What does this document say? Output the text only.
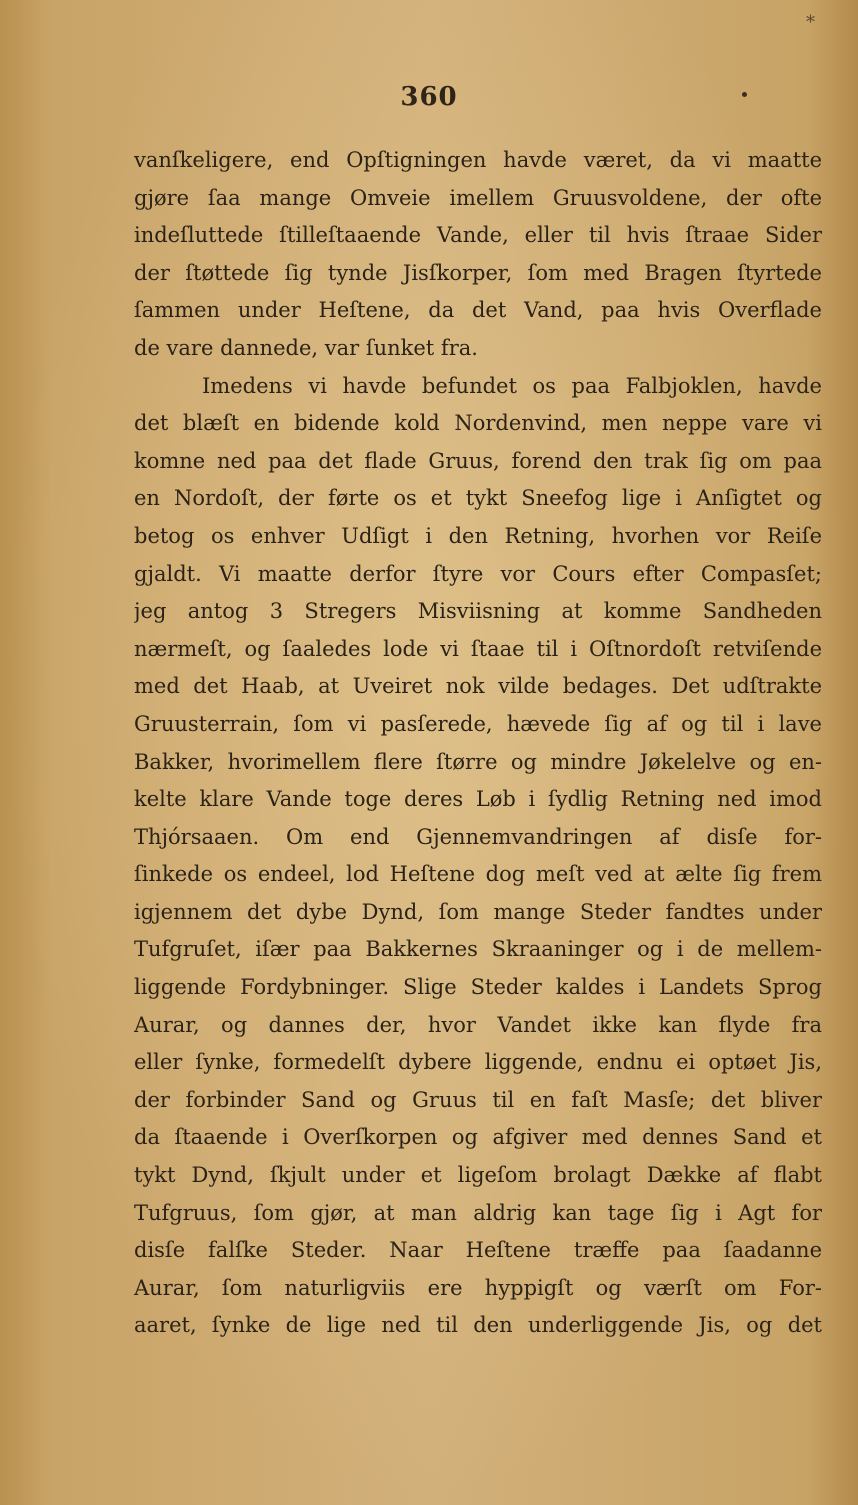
*
360
vanſkeligere, end Opſtigningen havde været, da vi maatte
gjøre ſaa mange Omveie imellem Gruusvoldene, der ofte
indeſluttede ſtilleſtaaende Vande, eller til hvis ſtraae Sider
der ſtøttede ſig tynde Jisſkorper, ſom med Bragen ſtyrtede
ſammen under Heſtene, da det Vand, paa hvis Overflade
de vare dannede, var ſunket fra.
Imedens vi havde befundet os paa Falbjoklen, havde
det blæſt en bidende kold Nordenvind, men neppe vare vi
komne ned paa det flade Gruus, forend den trak ſig om paa
en Nordoſt, der førte os et tykt Sneefog lige i Anſigtet og
betog os enhver Udſigt i den Retning, hvorhen vor Reiſe
gjaldt. Vi maatte derfor ſtyre vor Cours efter Compasſet;
jeg antog 3 Stregers Misviisning at komme Sandheden
nærmeſt, og ſaaledes lode vi ſtaae til i Oſtnordoſt retviſende
med det Haab, at Uveiret nok vilde bedages. Det udſtrakte
Gruusterrain, ſom vi pasſerede, hævede ſig af og til i lave
Bakker, hvorimellem flere ſtørre og mindre Jøkelelve og en-
kelte klare Vande toge deres Løb i ſydlig Retning ned imod
Thjórsaaen. Om end Gjennemvandringen af disſe for-
ſinkede os endeel, lod Heſtene dog meſt ved at ælte ſig frem
igjennem det dybe Dynd, ſom mange Steder fandtes under
Tufgruſet, iſær paa Bakkernes Skraaninger og i de mellem-
liggende Fordybninger. Slige Steder kaldes i Landets Sprog
Aurar, og dannes der, hvor Vandet ikke kan flyde fra
eller ſynke, formedelſt dybere liggende, endnu ei optøet Jis,
der forbinder Sand og Gruus til en faſt Masſe; det bliver
da ſtaaende i Overſkorpen og afgiver med dennes Sand et
tykt Dynd, ſkjult under et ligeſom brolagt Dække af flabt
Tufgruus, ſom gjør, at man aldrig kan tage ſig i Agt for
disſe falſke Steder. Naar Heſtene træffe paa ſaadanne
Aurar, ſom naturligviis ere hyppigſt og værſt om For-
aaret, ſynke de lige ned til den underliggende Jis, og det
